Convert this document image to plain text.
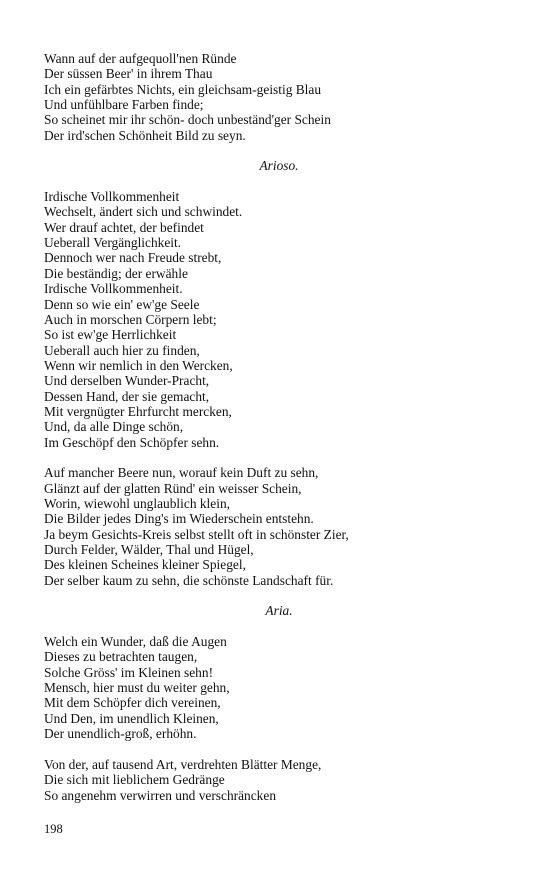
Wann auf der aufgequoll'nen Ründe
Der süssen Beer' in ihrem Thau
Ich ein gefärbtes Nichts, ein gleichsam-geistig Blau
Und unfühlbare Farben finde;
So scheinet mir ihr schön- doch unbeständ'ger Schein
Der ird'schen Schönheit Bild zu seyn.
Arioso.
Irdische Vollkommenheit
Wechselt, ändert sich und schwindet.
Wer drauf achtet, der befindet
Ueberall Vergänglichkeit.
Dennoch wer nach Freude strebt,
Die beständig; der erwähle
Irdische Vollkommenheit.
Denn so wie ein' ew'ge Seele
Auch in morschen Cörpern lebt;
So ist ew'ge Herrlichkeit
Ueberall auch hier zu finden,
Wenn wir nemlich in den Wercken,
Und derselben Wunder-Pracht,
Dessen Hand, der sie gemacht,
Mit vergnügter Ehrfurcht mercken,
Und, da alle Dinge schön,
Im Geschöpf den Schöpfer sehn.
Auf mancher Beere nun, worauf kein Duft zu sehn,
Glänzt auf der glatten Ründ' ein weisser Schein,
Worin, wiewohl unglaublich klein,
Die Bilder jedes Ding's im Wiederschein entstehn.
Ja beym Gesichts-Kreis selbst stellt oft in schönster Zier,
Durch Felder, Wälder, Thal und Hügel,
Des kleinen Scheines kleiner Spiegel,
Der selber kaum zu sehn, die schönste Landschaft für.
Aria.
Welch ein Wunder, daß die Augen
Dieses zu betrachten taugen,
Solche Gröss' im Kleinen sehn!
Mensch, hier must du weiter gehn,
Mit dem Schöpfer dich vereinen,
Und Den, im unendlich Kleinen,
Der unendlich-groß, erhöhn.
Von der, auf tausend Art, verdrehten Blätter Menge,
Die sich mit lieblichem Gedränge
So angenehm verwirren und verschräncken
198
